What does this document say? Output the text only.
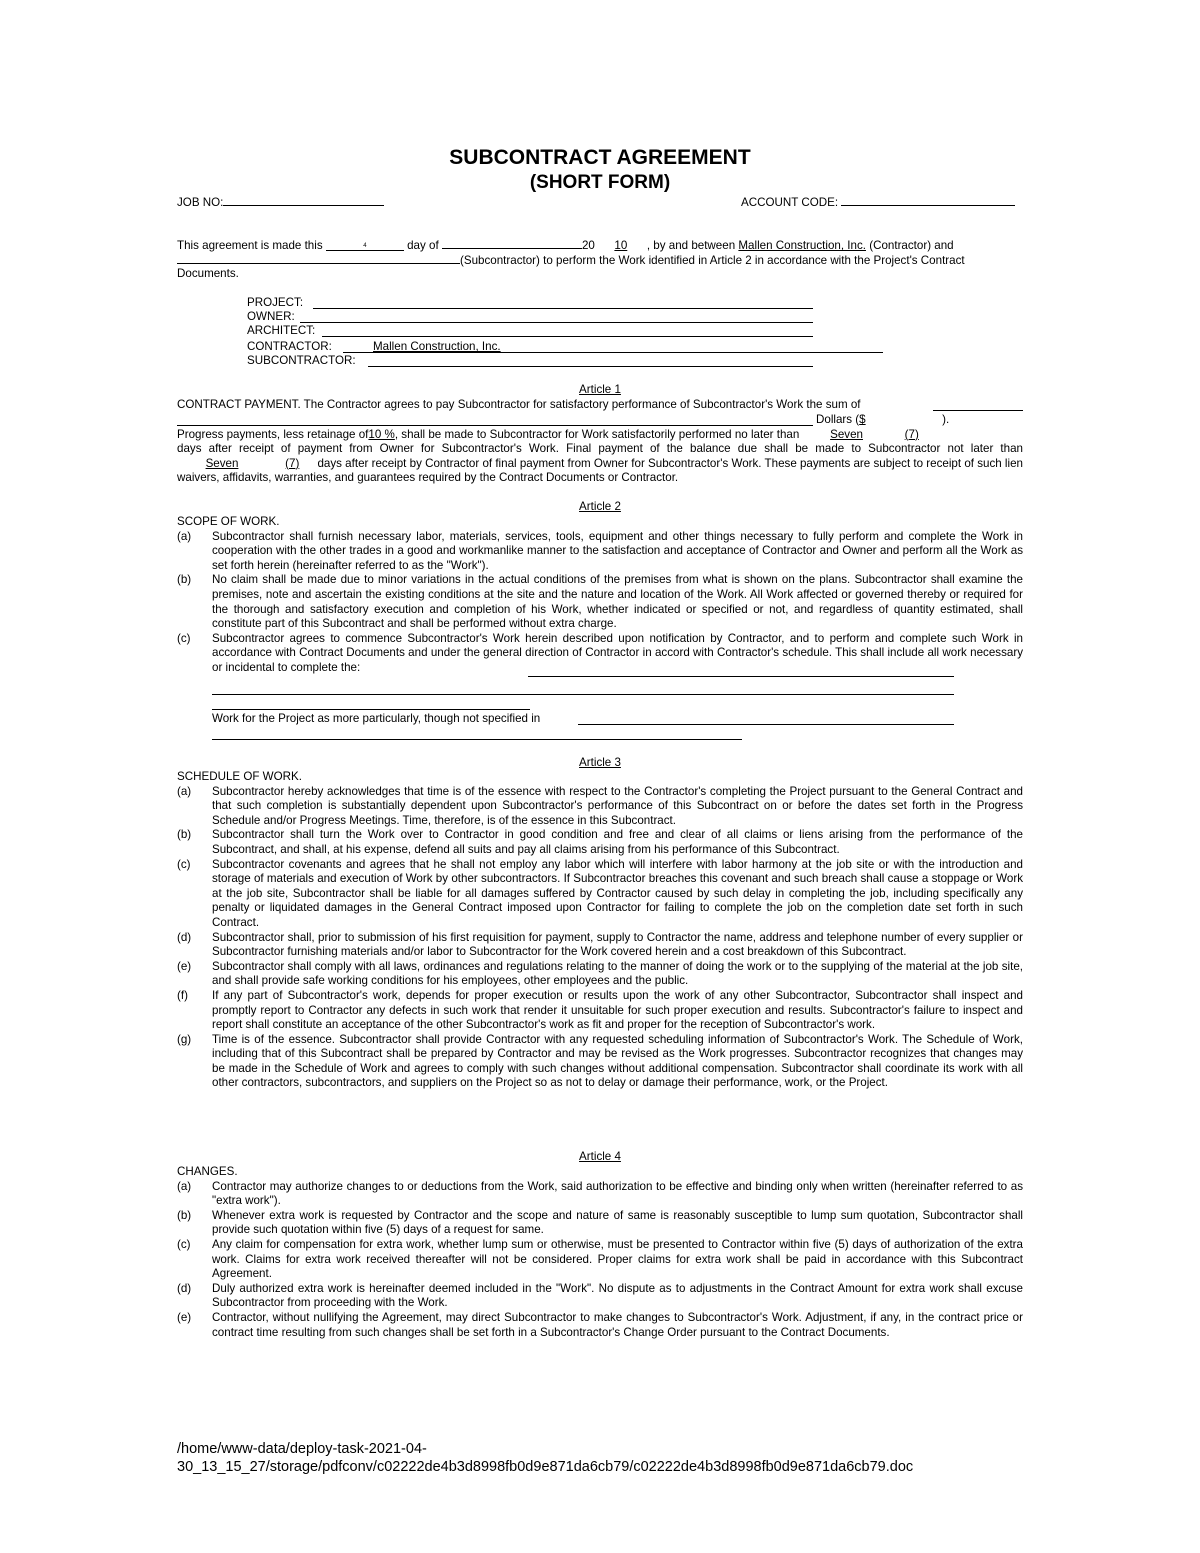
SUBCONTRACT AGREEMENT
(SHORT FORM)
JOB NO:	ACCOUNT CODE:
This agreement is made this	$^4$	day of	20 10 , by and between Mallen Construction, Inc. (Contractor) and
(Subcontractor) to perform the Work identified in Article 2 in accordance with the Project's Contract
Documents.
PROJECT:
OWNER:
ARCHITECT:
CONTRACTOR:	Mallen Construction, Inc.
SUBCONTRACTOR:
Article 1
CONTRACT PAYMENT. The Contractor agrees to pay Subcontractor for satisfactory performance of Subcontractor's Work the sum of
Dollars ($	).
Progress payments, less retainage of10 %, shall be made to Subcontractor for Work satisfactorily performed no later than	Seven	(7)
days after receipt of payment from Owner for Subcontractor's Work. Final payment of the balance due shall be made to Subcontractor not later than Seven	(7) days after receipt by Contractor of final payment from Owner for Subcontractor's Work. These payments are subject to receipt of such lien waivers, affidavits, warranties, and guarantees required by the Contract Documents or Contractor.
Article 2
SCOPE OF WORK.
(a) Subcontractor shall furnish necessary labor, materials, services, tools, equipment and other things necessary to fully perform and complete the Work in cooperation with the other trades in a good and workmanlike manner to the satisfaction and acceptance of Contractor and Owner and perform all the Work as set forth herein (hereinafter referred to as the "Work").
(b) No claim shall be made due to minor variations in the actual conditions of the premises from what is shown on the plans. Subcontractor shall examine the premises, note and ascertain the existing conditions at the site and the nature and location of the Work. All Work affected or governed thereby or required for the thorough and satisfactory execution and completion of his Work, whether indicated or specified or not, and regardless of quantity estimated, shall constitute part of this Subcontract and shall be performed without extra charge.
(c) Subcontractor agrees to commence Subcontractor's Work herein described upon notification by Contractor, and to perform and complete such Work in accordance with Contract Documents and under the general direction of Contractor in accord with Contractor's schedule. This shall include all work necessary or incidental to complete the:
Work for the Project as more particularly, though not specified in
Article 3
SCHEDULE OF WORK.
(a) Subcontractor hereby acknowledges that time is of the essence with respect to the Contractor's completing the Project pursuant to the General Contract and that such completion is substantially dependent upon Subcontractor's performance of this Subcontract on or before the dates set forth in the Progress Schedule and/or Progress Meetings. Time, therefore, is of the essence in this Subcontract.
(b) Subcontractor shall turn the Work over to Contractor in good condition and free and clear of all claims or liens arising from the performance of the Subcontract, and shall, at his expense, defend all suits and pay all claims arising from his performance of this Subcontract.
(c) Subcontractor covenants and agrees that he shall not employ any labor which will interfere with labor harmony at the job site or with the introduction and storage of materials and execution of Work by other subcontractors. If Subcontractor breaches this covenant and such breach shall cause a stoppage or Work at the job site, Subcontractor shall be liable for all damages suffered by Contractor caused by such delay in completing the job, including specifically any penalty or liquidated damages in the General Contract imposed upon Contractor for failing to complete the job on the completion date set forth in such Contract.
(d) Subcontractor shall, prior to submission of his first requisition for payment, supply to Contractor the name, address and telephone number of every supplier or Subcontractor furnishing materials and/or labor to Subcontractor for the Work covered herein and a cost breakdown of this Subcontract.
(e) Subcontractor shall comply with all laws, ordinances and regulations relating to the manner of doing the work or to the supplying of the material at the job site, and shall provide safe working conditions for his employees, other employees and the public.
(f) If any part of Subcontractor's work, depends for proper execution or results upon the work of any other Subcontractor, Subcontractor shall inspect and promptly report to Contractor any defects in such work that render it unsuitable for such proper execution and results. Subcontractor's failure to inspect and report shall constitute an acceptance of the other Subcontractor's work as fit and proper for the reception of Subcontractor's work.
(g) Time is of the essence. Subcontractor shall provide Contractor with any requested scheduling information of Subcontractor's Work. The Schedule of Work, including that of this Subcontract shall be prepared by Contractor and may be revised as the Work progresses. Subcontractor recognizes that changes may be made in the Schedule of Work and agrees to comply with such changes without additional compensation. Subcontractor shall coordinate its work with all other contractors, subcontractors, and suppliers on the Project so as not to delay or damage their performance, work, or the Project.
Article 4
CHANGES.
(a) Contractor may authorize changes to or deductions from the Work, said authorization to be effective and binding only when written (hereinafter referred to as "extra work").
(b) Whenever extra work is requested by Contractor and the scope and nature of same is reasonably susceptible to lump sum quotation, Subcontractor shall provide such quotation within five (5) days of a request for same.
(c) Any claim for compensation for extra work, whether lump sum or otherwise, must be presented to Contractor within five (5) days of authorization of the extra work. Claims for extra work received thereafter will not be considered. Proper claims for extra work shall be paid in accordance with this Subcontract Agreement.
(d) Duly authorized extra work is hereinafter deemed included in the "Work". No dispute as to adjustments in the Contract Amount for extra work shall excuse Subcontractor from proceeding with the Work.
(e) Contractor, without nullifying the Agreement, may direct Subcontractor to make changes to Subcontractor's Work. Adjustment, if any, in the contract price or contract time resulting from such changes shall be set forth in a Subcontractor's Change Order pursuant to the Contract Documents.
/home/www-data/deploy-task-2021-04-
30_13_15_27/storage/pdfconv/c02222de4b3d8998fb0d9e871da6cb79/c02222de4b3d8998fb0d9e871da6cb79.doc
